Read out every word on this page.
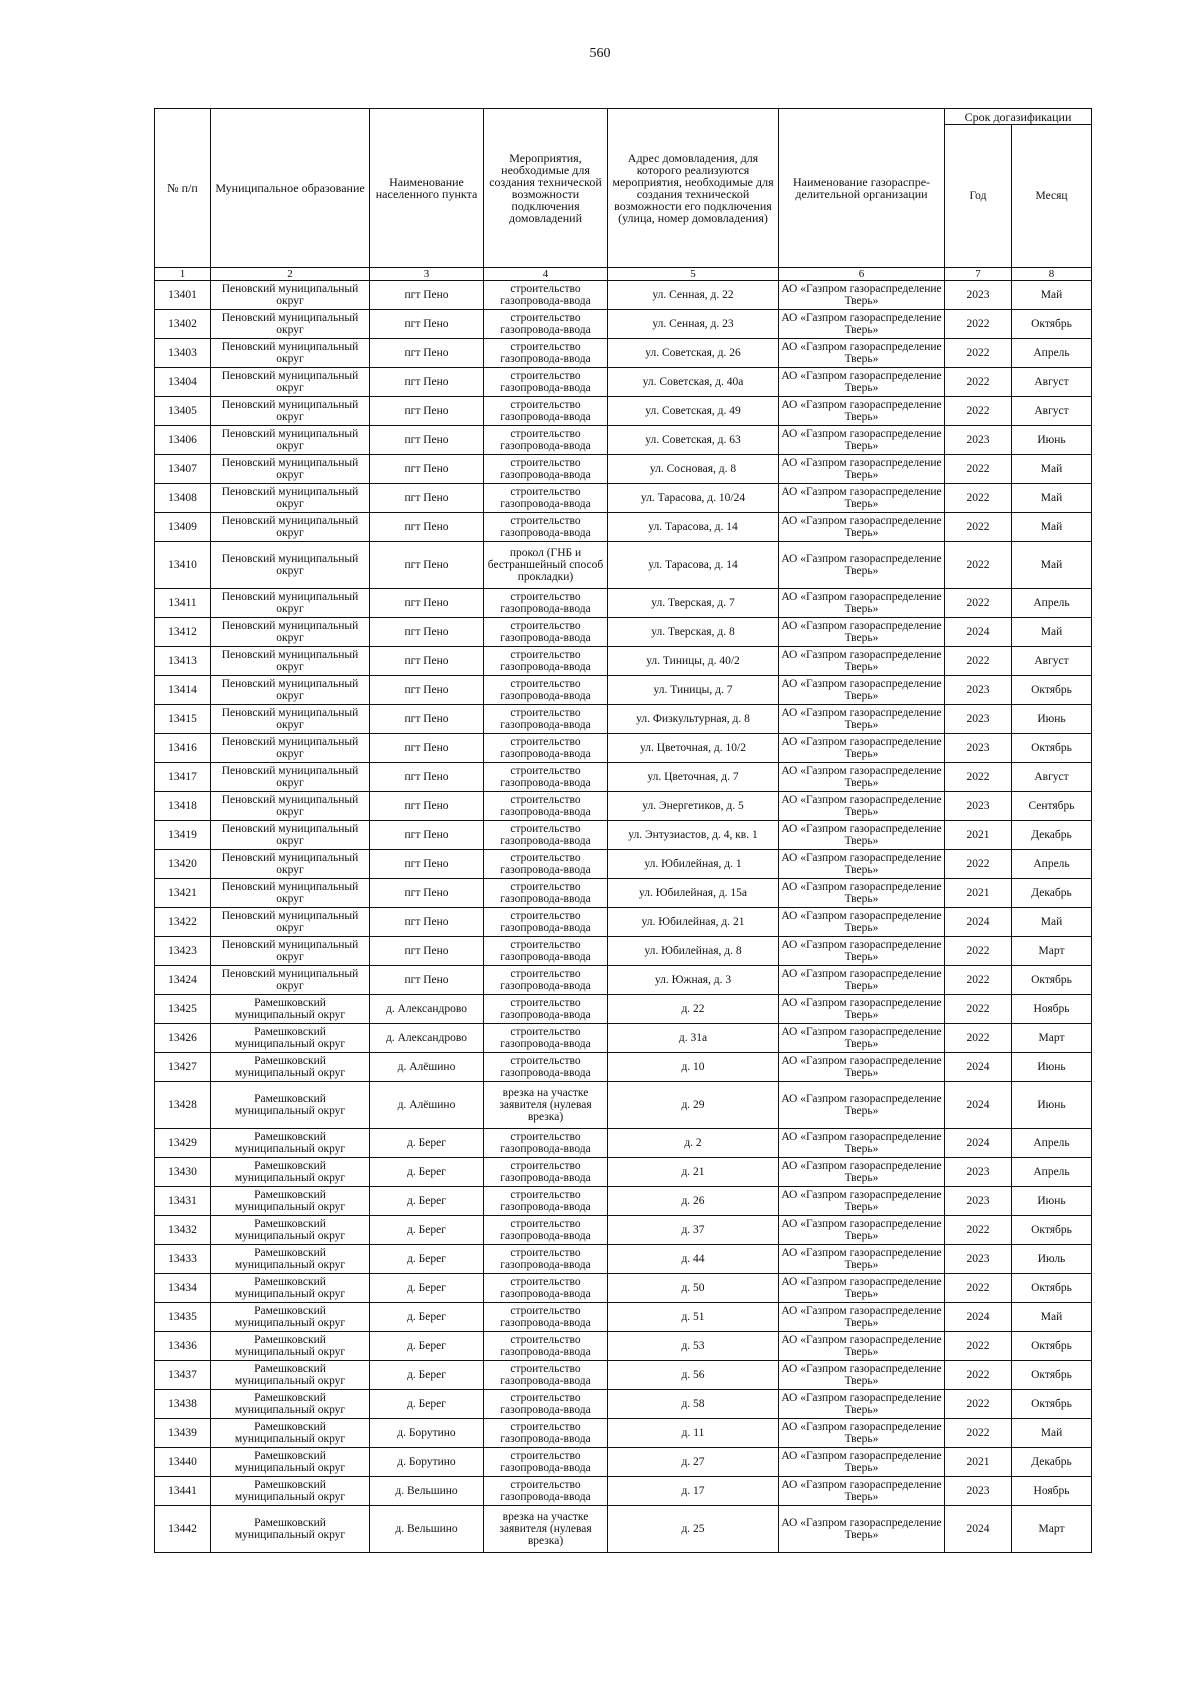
560
№ п/п	Муниципальное образование	Наименование населенного пункта	Мероприятия, необходимые для создания технической возможности подключения домовладений	Адрес домовладения, для которого реализуются мероприятия, необходимые для создания технической возможности его подключения (улица, номер домовладения)	Наименование газораспре-делительной организации	Срок догазификации	
						Год	Месяц
1	2	3	4	5	6	7	8
13401	Пеновский муниципальный округ	пгт Пено	строительство газопровода-ввода	ул. Сенная, д. 22	АО «Газпром газораспределение Тверь»	2023	Май
13402	Пеновский муниципальный округ	пгт Пено	строительство газопровода-ввода	ул. Сенная, д. 23	АО «Газпром газораспределение Тверь»	2022	Октябрь
13403	Пеновский муниципальный округ	пгт Пено	строительство газопровода-ввода	ул. Советская, д. 26	АО «Газпром газораспределение Тверь»	2022	Апрель
13404	Пеновский муниципальный округ	пгт Пено	строительство газопровода-ввода	ул. Советская, д. 40а	АО «Газпром газораспределение Тверь»	2022	Август
13405	Пеновский муниципальный округ	пгт Пено	строительство газопровода-ввода	ул. Советская, д. 49	АО «Газпром газораспределение Тверь»	2022	Август
13406	Пеновский муниципальный округ	пгт Пено	строительство газопровода-ввода	ул. Советская, д. 63	АО «Газпром газораспределение Тверь»	2023	Июнь
13407	Пеновский муниципальный округ	пгт Пено	строительство газопровода-ввода	ул. Сосновая, д. 8	АО «Газпром газораспределение Тверь»	2022	Май
13408	Пеновский муниципальный округ	пгт Пено	строительство газопровода-ввода	ул. Тарасова, д. 10/24	АО «Газпром газораспределение Тверь»	2022	Май
13409	Пеновский муниципальный округ	пгт Пено	строительство газопровода-ввода	ул. Тарасова, д. 14	АО «Газпром газораспределение Тверь»	2022	Май
13410	Пеновский муниципальный округ	пгт Пено	прокол (ГНБ и бестраншейный способ прокладки)	ул. Тарасова, д. 14	АО «Газпром газораспределение Тверь»	2022	Май
13411	Пеновский муниципальный округ	пгт Пено	строительство газопровода-ввода	ул. Тверская, д. 7	АО «Газпром газораспределение Тверь»	2022	Апрель
13412	Пеновский муниципальный округ	пгт Пено	строительство газопровода-ввода	ул. Тверская, д. 8	АО «Газпром газораспределение Тверь»	2024	Май
13413	Пеновский муниципальный округ	пгт Пено	строительство газопровода-ввода	ул. Тиницы, д. 40/2	АО «Газпром газораспределение Тверь»	2022	Август
13414	Пеновский муниципальный округ	пгт Пено	строительство газопровода-ввода	ул. Тиницы, д. 7	АО «Газпром газораспределение Тверь»	2023	Октябрь
13415	Пеновский муниципальный округ	пгт Пено	строительство газопровода-ввода	ул. Физкультурная, д. 8	АО «Газпром газораспределение Тверь»	2023	Июнь
13416	Пеновский муниципальный округ	пгт Пено	строительство газопровода-ввода	ул. Цветочная, д. 10/2	АО «Газпром газораспределение Тверь»	2023	Октябрь
13417	Пеновский муниципальный округ	пгт Пено	строительство газопровода-ввода	ул. Цветочная, д. 7	АО «Газпром газораспределение Тверь»	2022	Август
13418	Пеновский муниципальный округ	пгт Пено	строительство газопровода-ввода	ул. Энергетиков, д. 5	АО «Газпром газораспределение Тверь»	2023	Сентябрь
13419	Пеновский муниципальный округ	пгт Пено	строительство газопровода-ввода	ул. Энтузиастов, д. 4, кв. 1	АО «Газпром газораспределение Тверь»	2021	Декабрь
13420	Пеновский муниципальный округ	пгт Пено	строительство газопровода-ввода	ул. Юбилейная, д. 1	АО «Газпром газораспределение Тверь»	2022	Апрель
13421	Пеновский муниципальный округ	пгт Пено	строительство газопровода-ввода	ул. Юбилейная, д. 15а	АО «Газпром газораспределение Тверь»	2021	Декабрь
13422	Пеновский муниципальный округ	пгт Пено	строительство газопровода-ввода	ул. Юбилейная, д. 21	АО «Газпром газораспределение Тверь»	2024	Май
13423	Пеновский муниципальный округ	пгт Пено	строительство газопровода-ввода	ул. Юбилейная, д. 8	АО «Газпром газораспределение Тверь»	2022	Март
13424	Пеновский муниципальный округ	пгт Пено	строительство газопровода-ввода	ул. Южная, д. 3	АО «Газпром газораспределение Тверь»	2022	Октябрь
13425	Рамешковский муниципальный округ	д. Александрово	строительство газопровода-ввода	д. 22	АО «Газпром газораспределение Тверь»	2022	Ноябрь
13426	Рамешковский муниципальный округ	д. Александрово	строительство газопровода-ввода	д. 31а	АО «Газпром газораспределение Тверь»	2022	Март
13427	Рамешковский муниципальный округ	д. Алёшино	строительство газопровода-ввода	д. 10	АО «Газпром газораспределение Тверь»	2024	Июнь
13428	Рамешковский муниципальный округ	д. Алёшино	врезка на участке заявителя (нулевая врезка)	д. 29	АО «Газпром газораспределение Тверь»	2024	Июнь
13429	Рамешковский муниципальный округ	д. Берег	строительство газопровода-ввода	д. 2	АО «Газпром газораспределение Тверь»	2024	Апрель
13430	Рамешковский муниципальный округ	д. Берег	строительство газопровода-ввода	д. 21	АО «Газпром газораспределение Тверь»	2023	Апрель
13431	Рамешковский муниципальный округ	д. Берег	строительство газопровода-ввода	д. 26	АО «Газпром газораспределение Тверь»	2023	Июнь
13432	Рамешковский муниципальный округ	д. Берег	строительство газопровода-ввода	д. 37	АО «Газпром газораспределение Тверь»	2022	Октябрь
13433	Рамешковский муниципальный округ	д. Берег	строительство газопровода-ввода	д. 44	АО «Газпром газораспределение Тверь»	2023	Июль
13434	Рамешковский муниципальный округ	д. Берег	строительство газопровода-ввода	д. 50	АО «Газпром газораспределение Тверь»	2022	Октябрь
13435	Рамешковский муниципальный округ	д. Берег	строительство газопровода-ввода	д. 51	АО «Газпром газораспределение Тверь»	2024	Май
13436	Рамешковский муниципальный округ	д. Берег	строительство газопровода-ввода	д. 53	АО «Газпром газораспределение Тверь»	2022	Октябрь
13437	Рамешковский муниципальный округ	д. Берег	строительство газопровода-ввода	д. 56	АО «Газпром газораспределение Тверь»	2022	Октябрь
13438	Рамешковский муниципальный округ	д. Берег	строительство газопровода-ввода	д. 58	АО «Газпром газораспределение Тверь»	2022	Октябрь
13439	Рамешковский муниципальный округ	д. Борутино	строительство газопровода-ввода	д. 11	АО «Газпром газораспределение Тверь»	2022	Май
13440	Рамешковский муниципальный округ	д. Борутино	строительство газопровода-ввода	д. 27	АО «Газпром газораспределение Тверь»	2021	Декабрь
13441	Рамешковский муниципальный округ	д. Вельшино	строительство газопровода-ввода	д. 17	АО «Газпром газораспределение Тверь»	2023	Ноябрь
13442	Рамешковский муниципальный округ	д. Вельшино	врезка на участке заявителя (нулевая врезка)	д. 25	АО «Газпром газораспределение Тверь»	2024	Март
